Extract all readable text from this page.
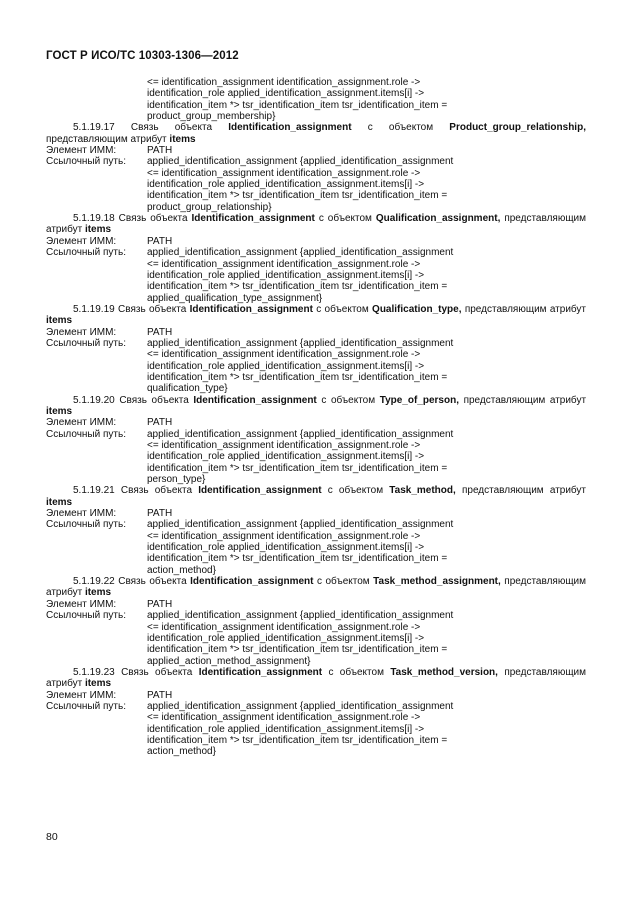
ГОСТ Р ИСО/ТС 10303-1306—2012
<= identification_assignment identification_assignment.role ->
identification_role applied_identification_assignment.items[i] ->
identification_item *> tsr_identification_item tsr_identification_item =
product_group_membership}
5.1.19.17 Связь объекта Identification_assignment с объектом Product_group_relationship, представляющим атрибут items
Элемент ИММ:	PATH
Ссылочный путь:	applied_identification_assignment {applied_identification_assignment
<= identification_assignment identification_assignment.role ->
identification_role applied_identification_assignment.items[i] ->
identification_item *> tsr_identification_item tsr_identification_item =
product_group_relationship}
5.1.19.18 Связь объекта Identification_assignment с объектом Qualification_assignment, представляющим атрибут items
Элемент ИММ:	PATH
Ссылочный путь:	applied_identification_assignment {applied_identification_assignment
<= identification_assignment identification_assignment.role ->
identification_role applied_identification_assignment.items[i] ->
identification_item *> tsr_identification_item tsr_identification_item =
applied_qualification_type_assignment}
5.1.19.19 Связь объекта Identification_assignment с объектом Qualification_type, представляющим атрибут items
Элемент ИММ:	PATH
Ссылочный путь:	applied_identification_assignment {applied_identification_assignment
<= identification_assignment identification_assignment.role ->
identification_role applied_identification_assignment.items[i] ->
identification_item *> tsr_identification_item tsr_identification_item =
qualification_type}
5.1.19.20 Связь объекта Identification_assignment с объектом Type_of_person, представляющим атрибут items
Элемент ИММ:	PATH
Ссылочный путь:	applied_identification_assignment {applied_identification_assignment
<= identification_assignment identification_assignment.role ->
identification_role applied_identification_assignment.items[i] ->
identification_item *> tsr_identification_item tsr_identification_item =
person_type}
5.1.19.21 Связь объекта Identification_assignment с объектом Task_method, представляющим атрибут items
Элемент ИММ:	PATH
Ссылочный путь:	applied_identification_assignment {applied_identification_assignment
<= identification_assignment identification_assignment.role ->
identification_role applied_identification_assignment.items[i] ->
identification_item *> tsr_identification_item tsr_identification_item =
action_method}
5.1.19.22 Связь объекта Identification_assignment с объектом Task_method_assignment, представляющим атрибут items
Элемент ИММ:	PATH
Ссылочный путь:	applied_identification_assignment {applied_identification_assignment
<= identification_assignment identification_assignment.role ->
identification_role applied_identification_assignment.items[i] ->
identification_item *> tsr_identification_item tsr_identification_item =
applied_action_method_assignment}
5.1.19.23 Связь объекта Identification_assignment с объектом Task_method_version, представляющим атрибут items
Элемент ИММ:	PATH
Ссылочный путь:	applied_identification_assignment {applied_identification_assignment
<= identification_assignment identification_assignment.role ->
identification_role applied_identification_assignment.items[i] ->
identification_item *> tsr_identification_item tsr_identification_item =
action_method}
80
